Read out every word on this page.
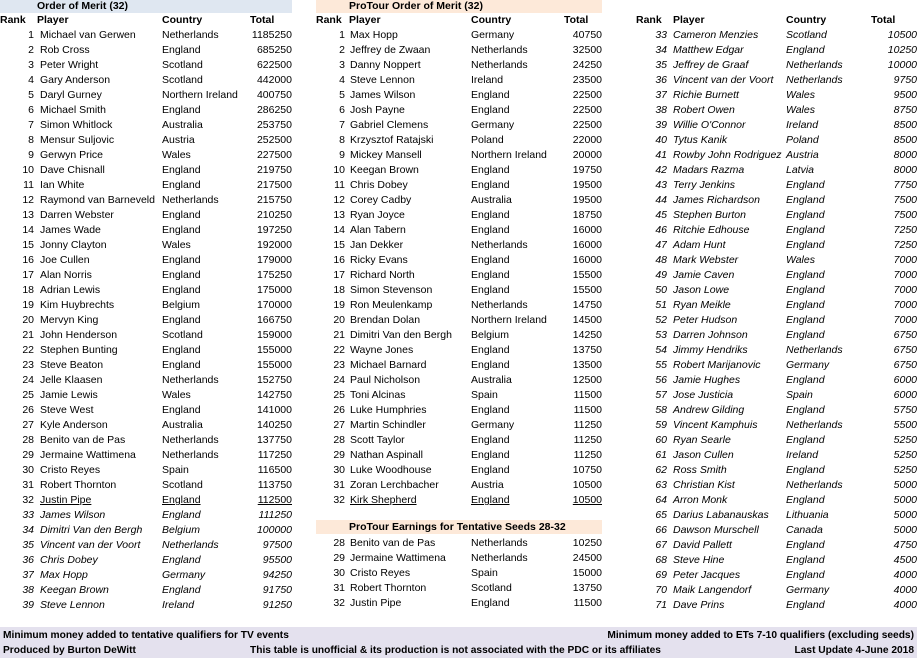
Order of Merit (32)
Rank	Player	Country	Total
1	Michael van Gerwen	Netherlands	1185250
2	Rob Cross	England	685250
3	Peter Wright	Scotland	622500
4	Gary Anderson	Scotland	442000
5	Daryl Gurney	Northern Ireland	400750
6	Michael Smith	England	286250
7	Simon Whitlock	Australia	253750
8	Mensur Suljovic	Austria	252500
9	Gerwyn Price	Wales	227500
10	Dave Chisnall	England	219750
11	Ian White	England	217500
12	Raymond van Barneveld	Netherlands	215750
13	Darren Webster	England	210250
14	James Wade	England	197250
15	Jonny Clayton	Wales	192000
16	Joe Cullen	England	179000
17	Alan Norris	England	175250
18	Adrian Lewis	England	175000
19	Kim Huybrechts	Belgium	170000
20	Mervyn King	England	166750
21	John Henderson	Scotland	159000
22	Stephen Bunting	England	155000
23	Steve Beaton	England	155000
24	Jelle Klaasen	Netherlands	152750
25	Jamie Lewis	Wales	142750
26	Steve West	England	141000
27	Kyle Anderson	Australia	140250
28	Benito van de Pas	Netherlands	137750
29	Jermaine Wattimena	Netherlands	117250
30	Cristo Reyes	Spain	116500
31	Robert Thornton	Scotland	113750
32	Justin Pipe	England	112500
33	James Wilson	England	111250
34	Dimitri Van den Bergh	Belgium	100000
35	Vincent van der Voort	Netherlands	97500
36	Chris Dobey	England	95500
37	Max Hopp	Germany	94250
38	Keegan Brown	England	91750
39	Steve Lennon	Ireland	91250
ProTour Order of Merit (32)
Rank	Player	Country	Total
1	Max Hopp	Germany	40750
2	Jeffrey de Zwaan	Netherlands	32500
3	Danny Noppert	Netherlands	24250
4	Steve Lennon	Ireland	23500
5	James Wilson	England	22500
6	Josh Payne	England	22500
7	Gabriel Clemens	Germany	22500
8	Krzysztof Ratajski	Poland	22000
9	Mickey Mansell	Northern Ireland	20000
10	Keegan Brown	England	19750
11	Chris Dobey	England	19500
12	Corey Cadby	Australia	19500
13	Ryan Joyce	England	18750
14	Alan Tabern	England	16000
15	Jan Dekker	Netherlands	16000
16	Ricky Evans	England	16000
17	Richard North	England	15500
18	Simon Stevenson	England	15500
19	Ron Meulenkamp	Netherlands	14750
20	Brendan Dolan	Northern Ireland	14500
21	Dimitri Van den Bergh	Belgium	14250
22	Wayne Jones	England	13750
23	Michael Barnard	England	13500
24	Paul Nicholson	Australia	12500
25	Toni Alcinas	Spain	11500
26	Luke Humphries	England	11500
27	Martin Schindler	Germany	11250
28	Scott Taylor	England	11250
29	Nathan Aspinall	England	11250
30	Luke Woodhouse	England	10750
31	Zoran Lerchbacher	Austria	10500
32	Kirk Shepherd	England	10500
ProTour Earnings for Tentative Seeds 28-32
28	Benito van de Pas	Netherlands	10250
29	Jermaine Wattimena	Netherlands	24500
30	Cristo Reyes	Spain	15000
31	Robert Thornton	Scotland	13750
32	Justin Pipe	England	11500
Rank	Player	Country	Total
33	Cameron Menzies	Scotland	10500
34	Matthew Edgar	England	10250
35	Jeffrey de Graaf	Netherlands	10000
36	Vincent van der Voort	Netherlands	9750
37	Richie Burnett	Wales	9500
38	Robert Owen	Wales	8750
39	Willie O'Connor	Ireland	8500
40	Tytus Kanik	Poland	8500
41	Rowby John Rodriguez	Austria	8000
42	Madars Razma	Latvia	8000
43	Terry Jenkins	England	7750
44	James Richardson	England	7500
45	Stephen Burton	England	7500
46	Ritchie Edhouse	England	7250
47	Adam Hunt	England	7250
48	Mark Webster	Wales	7000
49	Jamie Caven	England	7000
50	Jason Lowe	England	7000
51	Ryan Meikle	England	7000
52	Peter Hudson	England	7000
53	Darren Johnson	England	6750
54	Jimmy Hendriks	Netherlands	6750
55	Robert Marijanovic	Germany	6750
56	Jamie Hughes	England	6000
57	Jose Justicia	Spain	6000
58	Andrew Gilding	England	5750
59	Vincent Kamphuis	Netherlands	5500
60	Ryan Searle	England	5250
61	Jason Cullen	Ireland	5250
62	Ross Smith	England	5250
63	Christian Kist	Netherlands	5000
64	Arron Monk	England	5000
65	Darius Labanauskas	Lithuania	5000
66	Dawson Murschell	Canada	5000
67	David Pallett	England	4750
68	Steve Hine	England	4500
69	Peter Jacques	England	4000
70	Maik Langendorf	Germany	4000
71	Dave Prins	England	4000
Minimum money added to tentative qualifiers for TV events	Minimum money added to ETs 7-10 qualifiers (excluding seeds)
Produced by Burton DeWitt	This table is unofficial & its production is not associated with the PDC or its affiliates	Last Update 4-June 2018
